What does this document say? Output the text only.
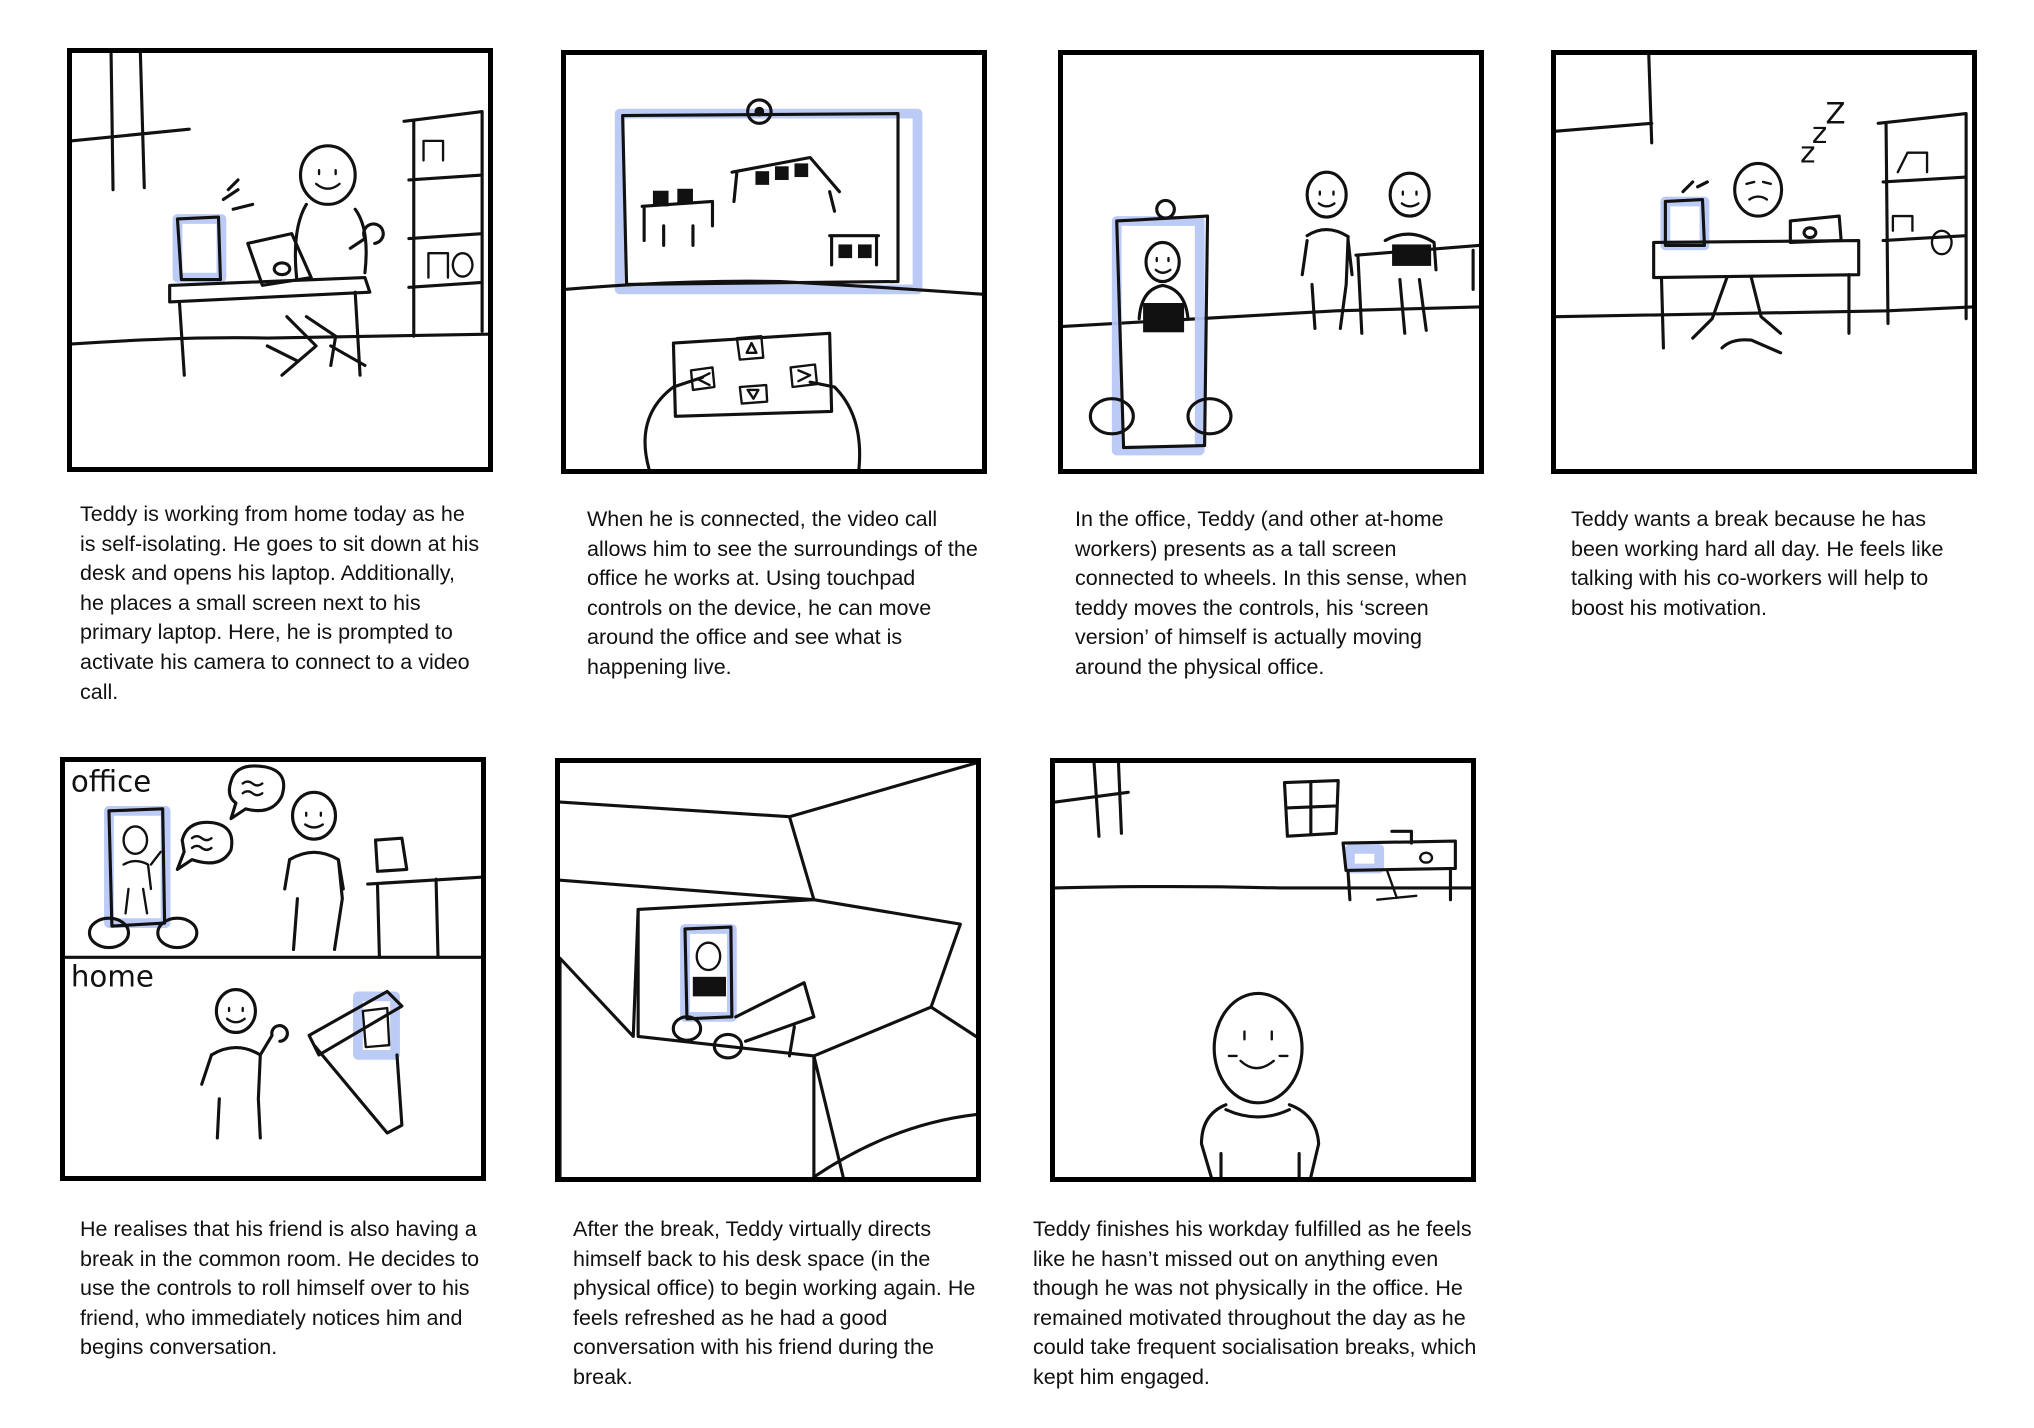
Teddy is working from home today as he is self-isolating. He goes to sit down at his desk and opens his laptop. Additionally, he places a small screen next to his primary laptop. Here, he is prompted to activate his camera to connect to a video call.

When he is connected, the video call allows him to see the surroundings of the office he works at. Using touchpad controls on the device, he can move around the office and see what is happening live.

In the office, Teddy (and other at-home workers) presents as a tall screen connected to wheels. In this sense, when teddy moves the controls, his ‘screen version’ of himself is actually moving around the physical office.

z
z
Z

Teddy wants a break because he has been working hard all day. He feels like talking with his co-workers will help to boost his motivation.

office
home

He realises that his friend is also having a break in the common room. He decides to use the controls to roll himself over to his friend, who immediately notices him and begins conversation.

After the break, Teddy virtually directs himself back to his desk space (in the physical office) to begin working again. He feels refreshed as he had a good conversation with his friend during the break.

Teddy finishes his workday fulfilled as he feels like he hasn’t missed out on anything even though he was not physically in the office. He remained motivated throughout the day as he could take frequent socialisation breaks, which kept him engaged.
